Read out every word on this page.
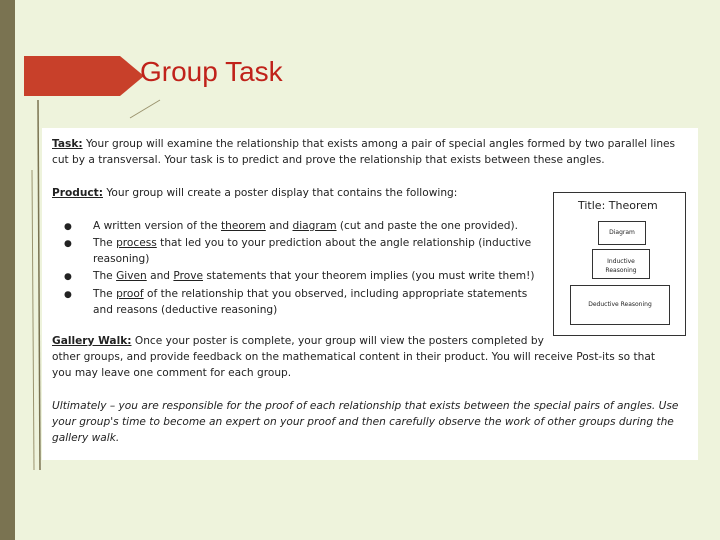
Group Task
Task: Your group will examine the relationship that exists among a pair of special angles formed by two parallel lines
cut by a transversal. Your task is to predict and prove the relationship that exists between these angles.
Product: Your group will create a poster display that contains the following:
● A written version of the theorem and diagram (cut and paste the one provided).
● The process that led you to your prediction about the angle relationship (inductive
reasoning)
● The Given and Prove statements that your theorem implies (you must write them!)
● The proof of the relationship that you observed, including appropriate statements
and reasons (deductive reasoning)
Gallery Walk: Once your poster is complete, your group will view the posters completed by
other groups, and provide feedback on the mathematical content in their product. You will receive Post-its so that
you may leave one comment for each group.
Ultimately – you are responsible for the proof of each relationship that exists between the special pairs of angles. Use
your group's time to become an expert on your proof and then carefully observe the work of other groups during the
gallery walk.
Title: Theorem
Diagram
Inductive
Reasoning
Deductive Reasoning
